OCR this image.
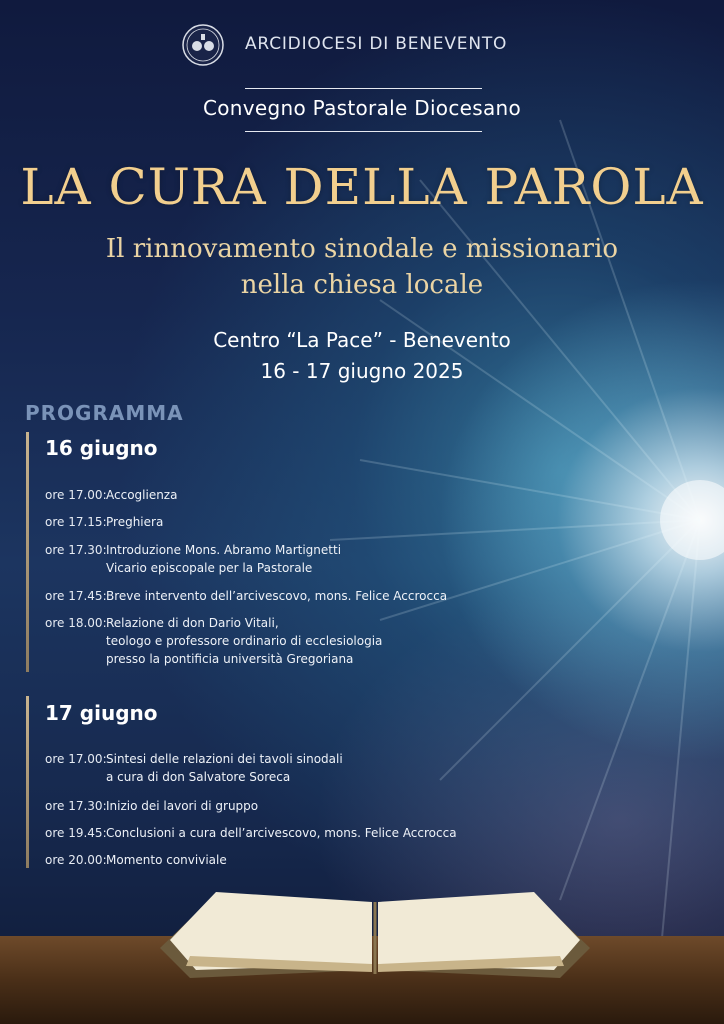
ARCIDIOCESI DI BENEVENTO
Convegno Pastorale Diocesano
LA CURA DELLA PAROLA
Il rinnovamento sinodale e missionario
nella chiesa locale
Centro “La Pace” - Benevento
16 - 17 giugno 2025
PROGRAMMA
16 giugno
ore 17.00: Accoglienza
ore 17.15: Preghiera
ore 17.30: Introduzione Mons. Abramo Martignetti
Vicario episcopale per la Pastorale
ore 17.45: Breve intervento dell’arcivescovo, mons. Felice Accrocca
ore 18.00: Relazione di don Dario Vitali,
teologo e professore ordinario di ecclesiologia
presso la pontificia università Gregoriana
17 giugno
ore 17.00: Sintesi delle relazioni dei tavoli sinodali
a cura di don Salvatore Soreca
ore 17.30: Inizio dei lavori di gruppo
ore 19.45: Conclusioni a cura dell’arcivescovo, mons. Felice Accrocca
ore 20.00: Momento conviviale
